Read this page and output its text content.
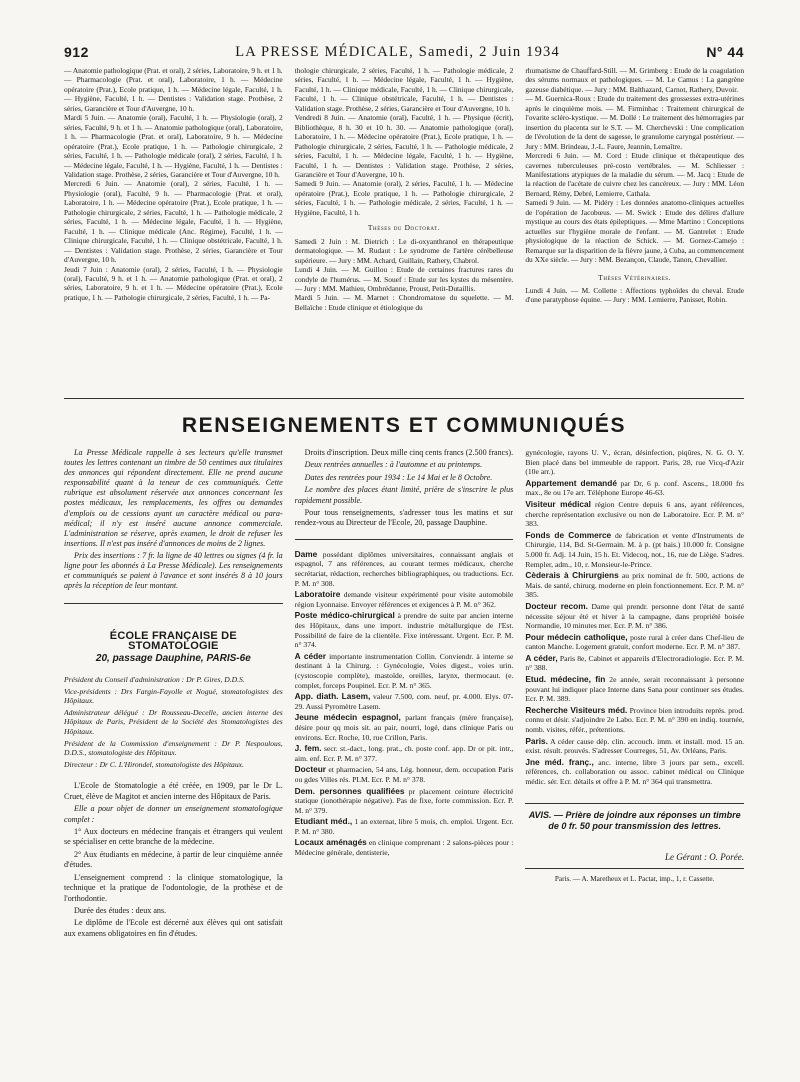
912	LA PRESSE MÉDICALE, Samedi, 2 Juin 1934	N° 44

— Anatomie pathologique (Prat. et oral), 2 séries, Laboratoire, 9 h. et 1 h. — Pharmacologie (Prat. et oral), Laboratoire, 1 h. — Médecine opératoire (Prat.), Ecole pratique, 1 h. — Médecine légale, Faculté, 1 h. — Hygiène, Faculté, 1 h. — Dentistes : Validation stage. Prothèse, 2 séries, Garancière et Tour d'Auvergne, 10 h.

Mardi 5 Juin. — Anatomie (oral), Faculté, 1 h. — Physiologie (oral), 2 séries, Faculté, 9 h. et 1 h. — Anatomie pathologique (oral), Laboratoire, 1 h. — Pharmacologie (Prat. et oral), Laboratoire, 9 h. — Médecine opératoire (Prat.), Ecole pratique, 1 h. — Pathologie chirurgicale, 2 séries, Faculté, 1 h. — Pathologie médicale (oral), 2 séries, Faculté, 1 h. — Médecine légale, Faculté, 1 h. — Hygiène, Faculté, 1 h. — Dentistes : Validation stage. Prothèse, 2 séries, Garancière et Tour d'Auvergne, 10 h.

Mercredi 6 Juin. — Anatomie (oral), 2 séries, Faculté, 1 h. — Physiologie (oral), Faculté, 9 h. — Pharmacologie (Prat. et oral), Laboratoire, 1 h. — Médecine opératoire (Prat.), Ecole pratique, 1 h. — Pathologie chirurgicale, 2 séries, Faculté, 1 h. — Pathologie médicale, 2 séries, Faculté, 1 h. — Médecine légale, Faculté, 1 h. — Hygiène, Faculté, 1 h. — Clinique médicale (Anc. Régime), Faculté, 1 h. — Clinique chirurgicale, Faculté, 1 h. — Clinique obstétricale, Faculté, 1 h. — Dentistes : Validation stage. Prothèse, 2 séries, Garancière et Tour d'Auvergne, 10 h.

Jeudi 7 Juin : Anatomie (oral), 2 séries, Faculté, 1 h. — Physiologie (oral), Faculté, 9 h. et 1 h. — Anatomie pathologique (Prat. et oral), 2 séries, Laboratoire, 9 h. et 1 h. — Médecine opératoire (Prat.), Ecole pratique, 1 h. — Pathologie chirurgicale, 2 séries, Faculté, 1 h. — Pa-

thologie chirurgicale, 2 séries, Faculté, 1 h. — Pathologie médicale, 2 séries, Faculté, 1 h. — Médecine légale, Faculté, 1 h. — Hygiène, Faculté, 1 h. — Clinique médicale, Faculté, 1 h. — Clinique chirurgicale, Faculté, 1 h. — Clinique obstétricale, Faculté, 1 h. — Dentistes : Validation stage. Prothèse, 2 séries, Garancière et Tour d'Auvergne, 10 h.

Vendredi 8 Juin. — Anatomie (oral), Faculté, 1 h. — Physique (écrit), Bibliothèque, 8 h. 30 et 10 h. 30. — Anatomie pathologique (oral), Laboratoire, 1 h. — Médecine opératoire (Prat.), Ecole pratique, 1 h. — Pathologie chirurgicale, 2 séries, Faculté, 1 h. — Pathologie médicale, 2 séries, Faculté, 1 h. — Médecine légale, Faculté, 1 h. — Hygiène, Faculté, 1 h. — Dentistes : Validation stage. Prothèse, 2 séries, Garancière et Tour d'Auvergne, 10 h.

Samedi 9 Juin. — Anatomie (oral), 2 séries, Faculté, 1 h. — Médecine opératoire (Prat.), Ecole pratique, 1 h. — Pathologie chirurgicale, 2 séries, Faculté, 1 h. — Pathologie médicale, 2 séries, Faculté, 1 h. — Hygiène, Faculté, 1 h.

Thèses du Doctorat.

Samedi 2 Juin : M. Dietrich : Le di-oxyanthranol en thérapeutique dermatologique. — M. Rudaut : Le syndrome de l'artère cérébelleuse supérieure. — Jury : MM. Achard, Guillain, Rathery, Chabrol.

Lundi 4 Juin. — M. Guillou : Etude de certaines fractures rares du condyle de l'humérus. — M. Souef : Etude sur les kystes du mésentère. — Jury : MM. Mathieu, Ombrédanne, Proust, Petit-Dutaillis.

Mardi 5 Juin. — M. Marnet : Chondromatose du squelette. — M. Bellaïche : Etude clinique et étiologique du

rhumatisme de Chauffard-Still. — M. Grimberg : Etude de la coagulation des sérums normaux et pathologiques. — M. Le Camus : La gangrène gazeuse diabétique. — Jury : MM. Balthazard, Carnot, Rathery, Duvoir.

— M. Guernica-Roux : Etude du traitement des grossesses extra-utérines après le cinquième mois. — M. Firminhac : Traitement chirurgical de l'ovarite scléro-kystique. — M. Dollé : Le traitement des hémorragies par insertion du placenta sur le S.T. — M. Cherchevski : Une complication de l'évolution de la dent de sagesse, le granulome caryngal postérieur. — Jury : MM. Brindeau, J.-L. Faure, Jeannin, Lemaître.

Mercredi 6 Juin. — M. Cord : Etude clinique et thérapeutique des cavernes tuberculeuses pré-costo vertébrales. — M. Schliesser : Manifestations atypiques de la maladie du sérum. — M. Jacq : Etude de la réaction de l'acétate de cuivre chez les cancéreux. — Jury : MM. Léon Bernard, Rémy, Debré, Lemierre, Cathala.

Samedi 9 Juin. — M. Pidéry : Les données anatomo-cliniques actuelles de l'opération de Jacobœus. — M. Swick : Etude des délires d'allure mystique au cours des états épileptiques. — Mme Martino : Conceptions actuelles sur l'hygiène morale de l'enfant. — M. Gantrelet : Etude physiologique de la réaction de Schick. — M. Gornez-Camejo : Remarque sur la disparition de la fièvre jaune, à Cuba, au commencement du XXe siècle. — Jury : MM. Bezançon, Claude, Tanon, Chevallier.

Thèses Vétérinaires.

Lundi 4 Juin. — M. Collette : Affections typhoïdes du cheval. Etude d'une paratyphose équine. — Jury : MM. Lemierre, Panisset, Robin.

RENSEIGNEMENTS ET COMMUNIQUÉS

La Presse Médicale rappelle à ses lecteurs qu'elle transmet toutes les lettres contenant un timbre de 50 centimes aux titulaires des annonces qui répondent directement. Elle ne prend aucune responsabilité quant à la teneur de ces communiqués. Cette rubrique est absolument réservée aux annonces concernant les postes médicaux, les remplacements, les offres ou demandes d'emplois ou de cessions ayant un caractère médical ou para-médical; il n'y est inséré aucune annonce commerciale. L'administration se réserve, après examen, le droit de refuser les insertions. Il n'est pas inséré d'annonces de moins de 2 lignes.

Prix des insertions : 7 fr. la ligne de 40 lettres ou signes (4 fr. la ligne pour les abonnés à La Presse Médicale). Les renseignements et communiqués se paient à l'avance et sont insérés 8 à 10 jours après la réception de leur montant.

ÉCOLE FRANÇAISE DE STOMATOLOGIE
20, passage Dauphine, PARIS-6e

Président du Conseil d'administration : Dr P. Gires, D.D.S.

Vice-présidents : Drs Fargin-Fayolle et Nogué, stomatologistes des Hôpitaux.

Administrateur délégué : Dr Rousseau-Decelle, ancien interne des Hôpitaux de Paris, Président de la Société des Stomatologistes des Hôpitaux.

Président de la Commission d'enseignement : Dr P. Nespoulous, D.D.S., stomatologiste des Hôpitaux.

Directeur : Dr C. L'Hirondel, stomatologiste des Hôpitaux.

L'Ecole de Stomatologie a été créée, en 1909, par le Dr L. Cruet, élève de Magitot et ancien interne des Hôpitaux de Paris.

Elle a pour objet de donner un enseignement stomatologique complet :

1° Aux docteurs en médecine français et étrangers qui veulent se spécialiser en cette branche de la médecine.

2° Aux étudiants en médecine, à partir de leur cinquième année d'études.

L'enseignement comprend : la clinique stomatologique, la technique et la pratique de l'odontologie, de la prothèse et de l'orthodontie.

Durée des études : deux ans.

Le diplôme de l'Ecole est décerné aux élèves qui ont satisfait aux examens obligatoires en fin d'études.

Droits d'inscription. Deux mille cinq cents francs (2.500 francs).

Deux rentrées annuelles : à l'automne et au printemps.

Dates des rentrées pour 1934 : Le 14 Mai et le 8 Octobre.

Le nombre des places étant limité, prière de s'inscrire le plus rapidement possible.

Pour tous renseignements, s'adresser tous les matins et sur rendez-vous au Directeur de l'Ecole, 20, passage Dauphine.

Dame possédant diplômes universitaires, connaissant anglais et espagnol, 7 ans références, au courant termes médicaux, cherche secrétariat, rédaction, recherches bibliographiques, ou traductions. Ecr. P. M. n° 308.

Laboratoire demande visiteur expérimenté pour visite automobile région Lyonnaise. Envoyer références et exigences à P. M. n° 362.

Poste médico-chirurgical à prendre de suite par ancien interne des Hôpitaux, dans une import. industrie métallurgique de l'Est. Possibilité de faire de la clientèle. Fixe intéressant. Urgent. Ecr. P. M. n° 374.

A céder importante instrumentation Collin. Conviendr. à interne se destinant à la Chirurg. : Gynécologie, Voies digest., voies urin. (cystoscopie complète), mastoïde, oreilles, larynx, thermocaut. (e. complet, forceps Poupinel. Ecr. P. M. n° 365.

App. diath. Lasem, valeur 7.500, com. neuf, pr. 4.000. Elys. 07-29. Aussi Pyromètre Lasem.

Jeune médecin espagnol, parlant français (mère française), désire pour qq mois sit. au pair, nourri, logé, dans clinique Paris ou environs. Ecr. Roche, 10, rue Crillon, Paris.

J. fem. secr. st.-dact., long. prat., ch. poste conf. app. Dr or pit. intr., aim. enf. Ecr. P. M. n° 377.

Docteur et pharmacien, 54 ans, Lég. honneur, dem. occupation Paris ou gdes Villes rés. PLM. Ecr. P. M. n° 378.

Dem. personnes qualifiées pr placement ceinture électricité statique (ionothérapie négative). Pas de fixe, forte commission. Ecr. P. M. n° 379.

Etudiant méd., 1 an externat, libre 5 mois, ch. emploi. Urgent. Ecr. P. M. n° 380.

Locaux aménagés en clinique comprenant : 2 salons-pièces pour : Médecine générale, dentisterie,

gynécologie, rayons U. V., écran, désinfection, piqûres, N. G. O. Y. Bien placé dans bel immeuble de rapport. Paris, 28, rue Vicq-d'Azir (10e arr.).

Appartement demandé par Dr, 6 p. conf. Ascens., 18.000 frs max., 8e ou 17e arr. Téléphone Europe 46-63.

Visiteur médical région Centre depuis 6 ans, ayant références, cherche représentation exclusive ou non de Laboratoire. Ecr. P. M. n° 383.

Fonds de Commerce de fabrication et vente d'Instruments de Chirurgie, 114, Bd. St-Germain. M. à p. (pt bais.) 10.000 fr. Consigne 5.000 fr. Adj. 14 Juin, 15 h. Et. Videcoq, not., 16, rue de Liège. S'adres. Rempler, adm., 10, r. Monsieur-le-Prince.

Cèderais à Chirurgiens au prix nominal de fr. 500, actions de Mais. de santé, chirurg. moderne en plein fonctionnement. Ecr. P. M. n° 385.

Docteur recom. Dame qui prendr. personne dont l'état de santé nécessite séjour été et hiver à la campagne, dans propriété boisée Normandie, 10 minutes mer. Ecr. P. M. n° 386.

Pour médecin catholique, poste rural à créer dans Chef-lieu de canton Manche. Logement gratuit, confort moderne. Ecr. P. M. n° 387.

A céder, Paris 8e, Cabinet et appareils d'Electroradiologie. Ecr. P. M. n° 388.

Etud. médecine, fin 2e année, serait reconnaissant à personne pouvant lui indiquer place Interne dans Sana pour continuer ses études. Ecr. P. M. 389.

Recherche Visiteurs méd. Province bien introduits représ. prod. connu et désir. s'adjoindre 2e Labo. Ecr. P. M. n° 390 en indiq. tournée, nomb. visites, référ., prétentions.

Paris. A céder cause dép. clin. accouch. imm. et install. mod. 15 an. exist. résult. prouvés. S'adresser Courreges, 51, Av. Orléans, Paris.

Jne méd. franç., anc. interne, libre 3 jours par sem., excell. références, ch. collaboration ou assoc. cabinet médical ou Clinique médic. sér. Ecr. détails et offre à P. M. n° 364 qui transmettra.

AVIS. — Prière de joindre aux réponses un timbre de 0 fr. 50 pour transmission des lettres.
Le Gérant : O. Porée.
Paris. — A. Maretheux et L. Pactat, imp., 1, r. Cassette.
